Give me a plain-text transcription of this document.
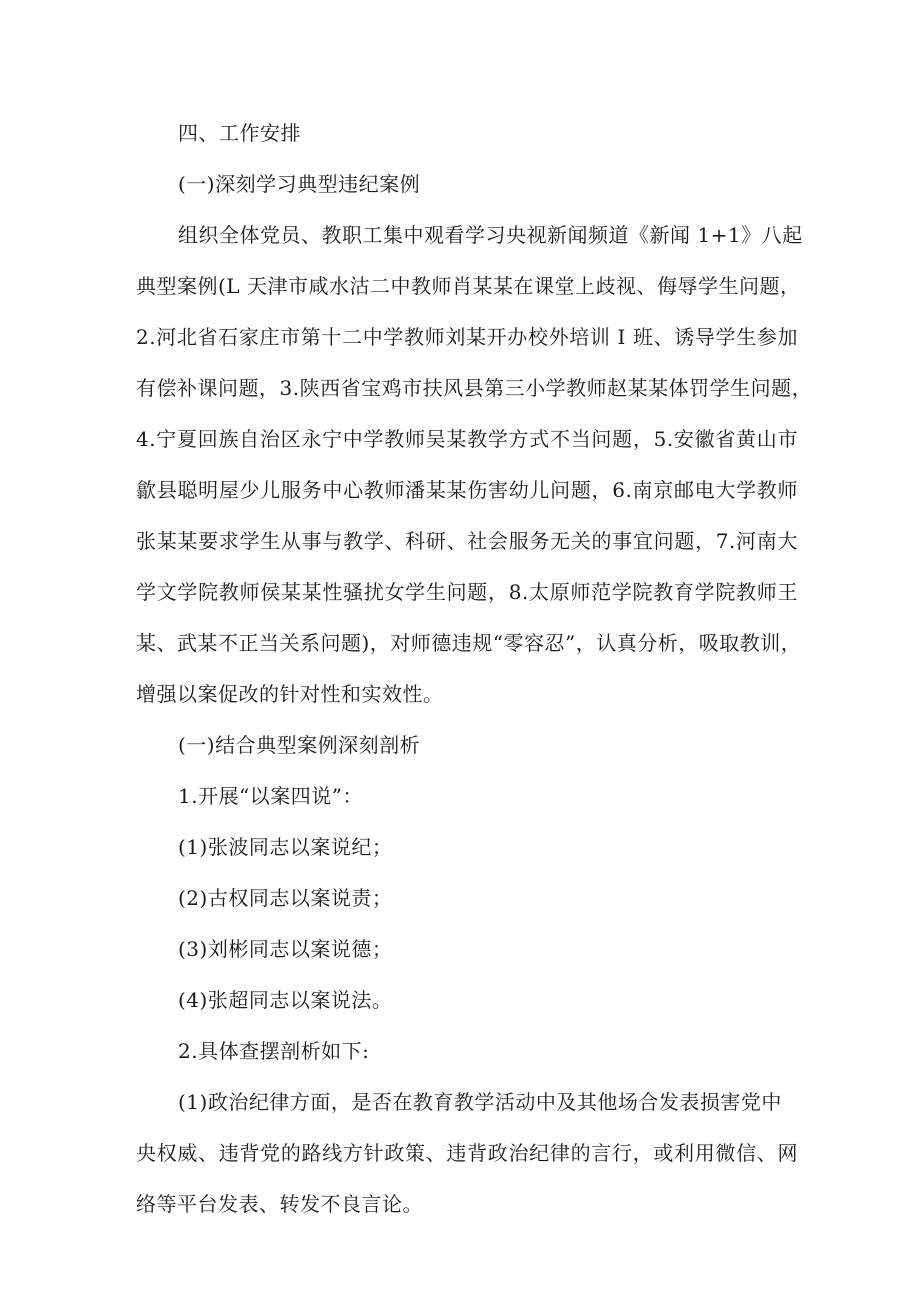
四、工作安排
(一)深刻学习典型违纪案例
组织全体党员、教职工集中观看学习央视新闻频道《新闻 1+1》八起
典型案例(L 天津市咸水沽二中教师肖某某在课堂上歧视、侮辱学生问题，
2.河北省石家庄市第十二中学教师刘某开办校外培训 I 班、诱导学生参加
有偿补课问题，3.陕西省宝鸡市扶风县第三小学教师赵某某体罚学生问题，
4.宁夏回族自治区永宁中学教师吴某教学方式不当问题，5.安徽省黄山市
歙县聪明屋少儿服务中心教师潘某某伤害幼儿问题，6.南京邮电大学教师
张某某要求学生从事与教学、科研、社会服务无关的事宜问题，7.河南大
学文学院教师侯某某性骚扰女学生问题，8.太原师范学院教育学院教师王
某、武某不正当关系问题)，对师德违规“零容忍”，认真分析，吸取教训，
增强以案促改的针对性和实效性。
(一)结合典型案例深刻剖析
1.开展“以案四说”：
(1)张波同志以案说纪；
(2)古权同志以案说责；
(3)刘彬同志以案说德；
(4)张超同志以案说法。
2.具体查摆剖析如下:
(1)政治纪律方面，是否在教育教学活动中及其他场合发表损害党中
央权威、违背党的路线方针政策、违背政治纪律的言行，或利用微信、网
络等平台发表、转发不良言论。
